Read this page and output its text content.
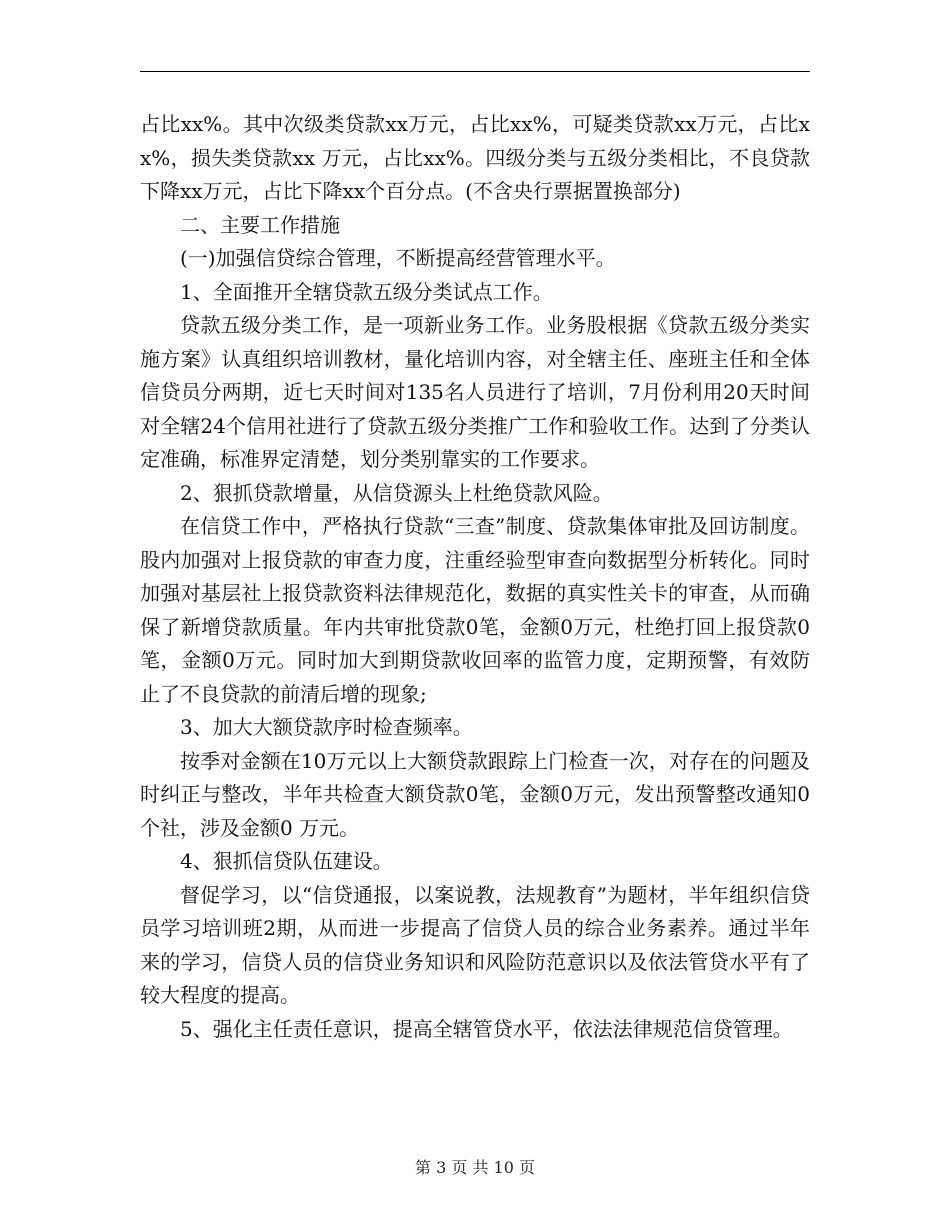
占比xx%。其中次级类贷款xx万元，占比xx%，可疑类贷款xx万元，占比xx%，损失类贷款xx 万元，占比xx%。四级分类与五级分类相比，不良贷款下降xx万元，占比下降xx个百分点。(不含央行票据置换部分)

二、主要工作措施

(一)加强信贷综合管理，不断提高经营管理水平。

1、全面推开全辖贷款五级分类试点工作。

贷款五级分类工作，是一项新业务工作。业务股根据《贷款五级分类实施方案》认真组织培训教材，量化培训内容，对全辖主任、座班主任和全体信贷员分两期，近七天时间对135名人员进行了培训，7月份利用20天时间对全辖24个信用社进行了贷款五级分类推广工作和验收工作。达到了分类认定准确，标准界定清楚，划分类别靠实的工作要求。

2、狠抓贷款增量，从信贷源头上杜绝贷款风险。

在信贷工作中，严格执行贷款“三查”制度、贷款集体审批及回访制度。股内加强对上报贷款的审查力度，注重经验型审查向数据型分析转化。同时加强对基层社上报贷款资料法律规范化，数据的真实性关卡的审查，从而确保了新增贷款质量。年内共审批贷款0笔，金额0万元，杜绝打回上报贷款0笔，金额0万元。同时加大到期贷款收回率的监管力度，定期预警，有效防止了不良贷款的前清后增的现象;

3、加大大额贷款序时检查频率。

按季对金额在10万元以上大额贷款跟踪上门检查一次，对存在的问题及时纠正与整改，半年共检查大额贷款0笔，金额0万元，发出预警整改通知0个社，涉及金额0 万元。

4、狠抓信贷队伍建设。

督促学习，以“信贷通报，以案说教，法规教育”为题材，半年组织信贷员学习培训班2期，从而进一步提高了信贷人员的综合业务素养。通过半年来的学习，信贷人员的信贷业务知识和风险防范意识以及依法管贷水平有了较大程度的提高。

5、强化主任责任意识，提高全辖管贷水平，依法法律规范信贷管理。

第 3 页 共 10 页
